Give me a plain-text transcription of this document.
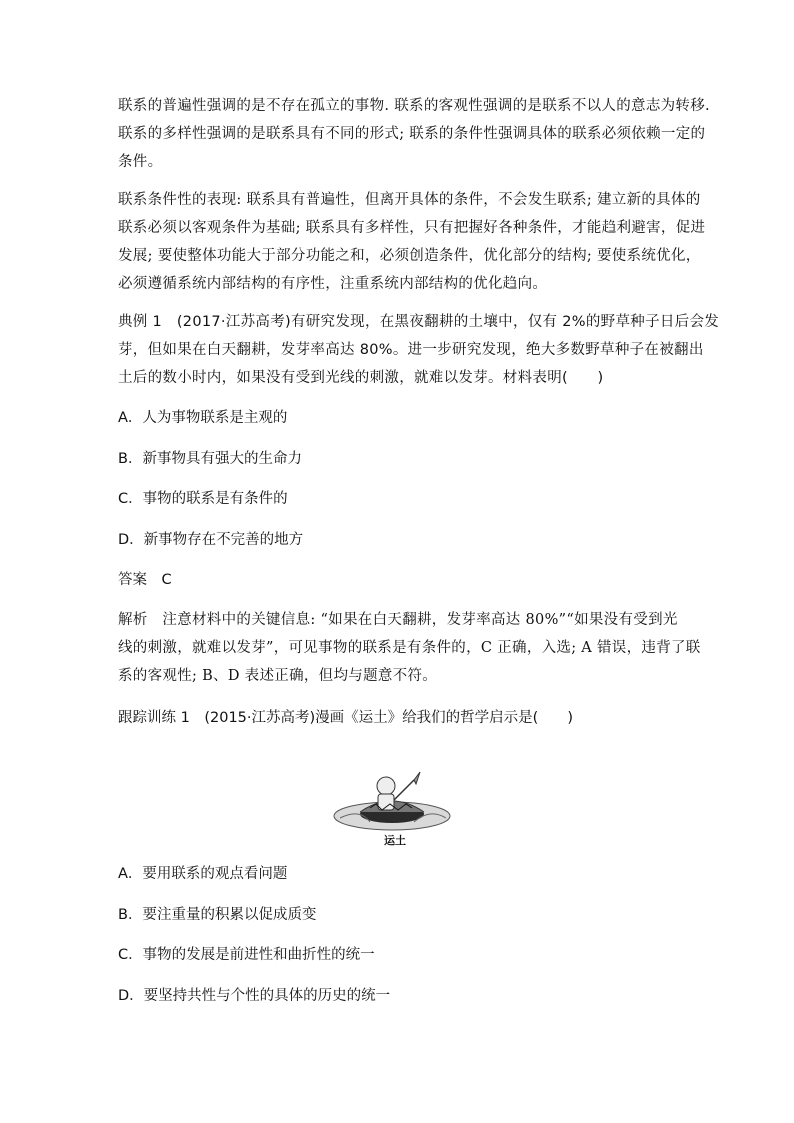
联系的普遍性强调的是不存在孤立的事物. 联系的客观性强调的是联系不以人的意志为转移.
联系的多样性强调的是联系具有不同的形式; 联系的条件性强调具体的联系必须依赖一定的
条件。
联系条件性的表现: 联系具有普遍性，但离开具体的条件，不会发生联系; 建立新的具体的
联系必须以客观条件为基础; 联系具有多样性，只有把握好各种条件，才能趋利避害，促进
发展; 要使整体功能大于部分功能之和，必须创造条件，优化部分的结构; 要使系统优化，
必须遵循系统内部结构的有序性，注重系统内部结构的优化趋向。
典例 1　(2017·江苏高考)有研究发现，在黑夜翻耕的土壤中，仅有 2%的野草种子日后会发
芽，但如果在白天翻耕，发芽率高达 80%。进一步研究发现，绝大多数野草种子在被翻出
土后的数小时内，如果没有受到光线的刺激，就难以发芽。材料表明(　　)
A．人为事物联系是主观的
B．新事物具有强大的生命力
C．事物的联系是有条件的
D．新事物存在不完善的地方
答案　 C
解析　注意材料中的关键信息: “如果在白天翻耕，发芽率高达 80%”“如果没有受到光
线的刺激，就难以发芽”，可见事物的联系是有条件的，C 正确，入选; A 错误，违背了联
系的客观性; B、D 表述正确，但均与题意不符。
跟踪训练 1　(2015·江苏高考)漫画《运土》给我们的哲学启示是(　　)
运土
A．要用联系的观点看问题
B．要注重量的积累以促成质变
C．事物的发展是前进性和曲折性的统一
D．要坚持共性与个性的具体的历史的统一
